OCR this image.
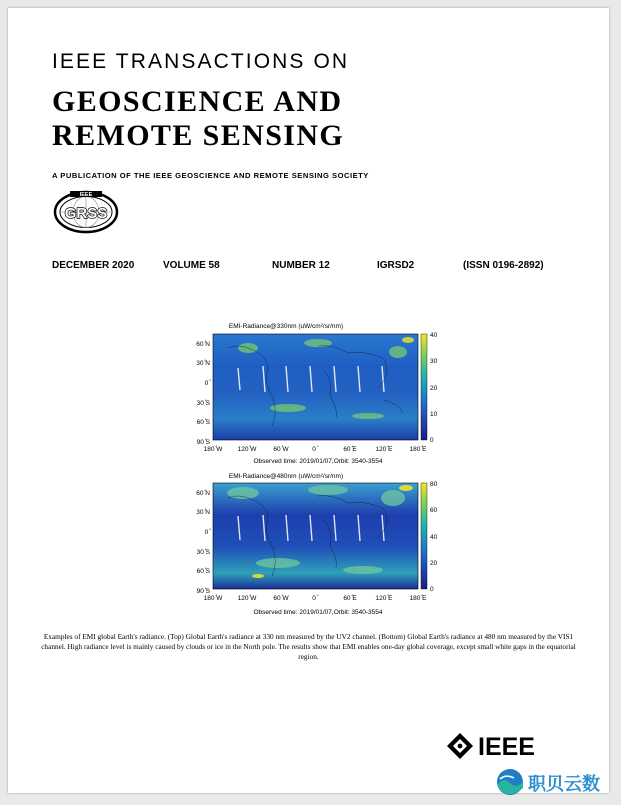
IEEE TRANSACTIONS ON
GEOSCIENCE AND
REMOTE SENSING
A PUBLICATION OF THE IEEE GEOSCIENCE AND REMOTE SENSING SOCIETY
IEEE
GRSS
DECEMBER 2020	VOLUME 58	NUMBER 12	IGRSD2	(ISSN 0196-2892)
EMI-Radiance@330nm (uW/cm²/sr/nm)
40
30
20
10
0
60 ̊N
30 ̊N
0 ̊
30 ̊S
60 ̊S
90 ̊S
180 ̊W 120 ̊W	60 ̊W	0 ̊	60 ̊E	120 ̊E	180 ̊E
Observed time: 2019/01/07,Orbit: 3540-3554
EMI-Radiance@480nm (uW/cm²/sr/nm)
80
60
40
20
0
60 ̊N
30 ̊N
0 ̊
30 ̊S
60 ̊S
90 ̊S
180 ̊W 120 ̊W	60 ̊W	0 ̊	60 ̊E	120 ̊E	180 ̊E
Observed time: 2019/01/07,Orbit: 3540-3554
Examples of EMI global Earth's radiance. (Top) Global Earth's radiance at 330 nm measured by the UV2 channel. (Bottom) Global Earth's radiance at 480 nm measured by the VIS1 channel. High radiance level is mainly caused by clouds or ice in the North pole. The results show that EMI enables one-day global coverage, except small white gaps in the equatorial region.
IEEE
职贝云数
